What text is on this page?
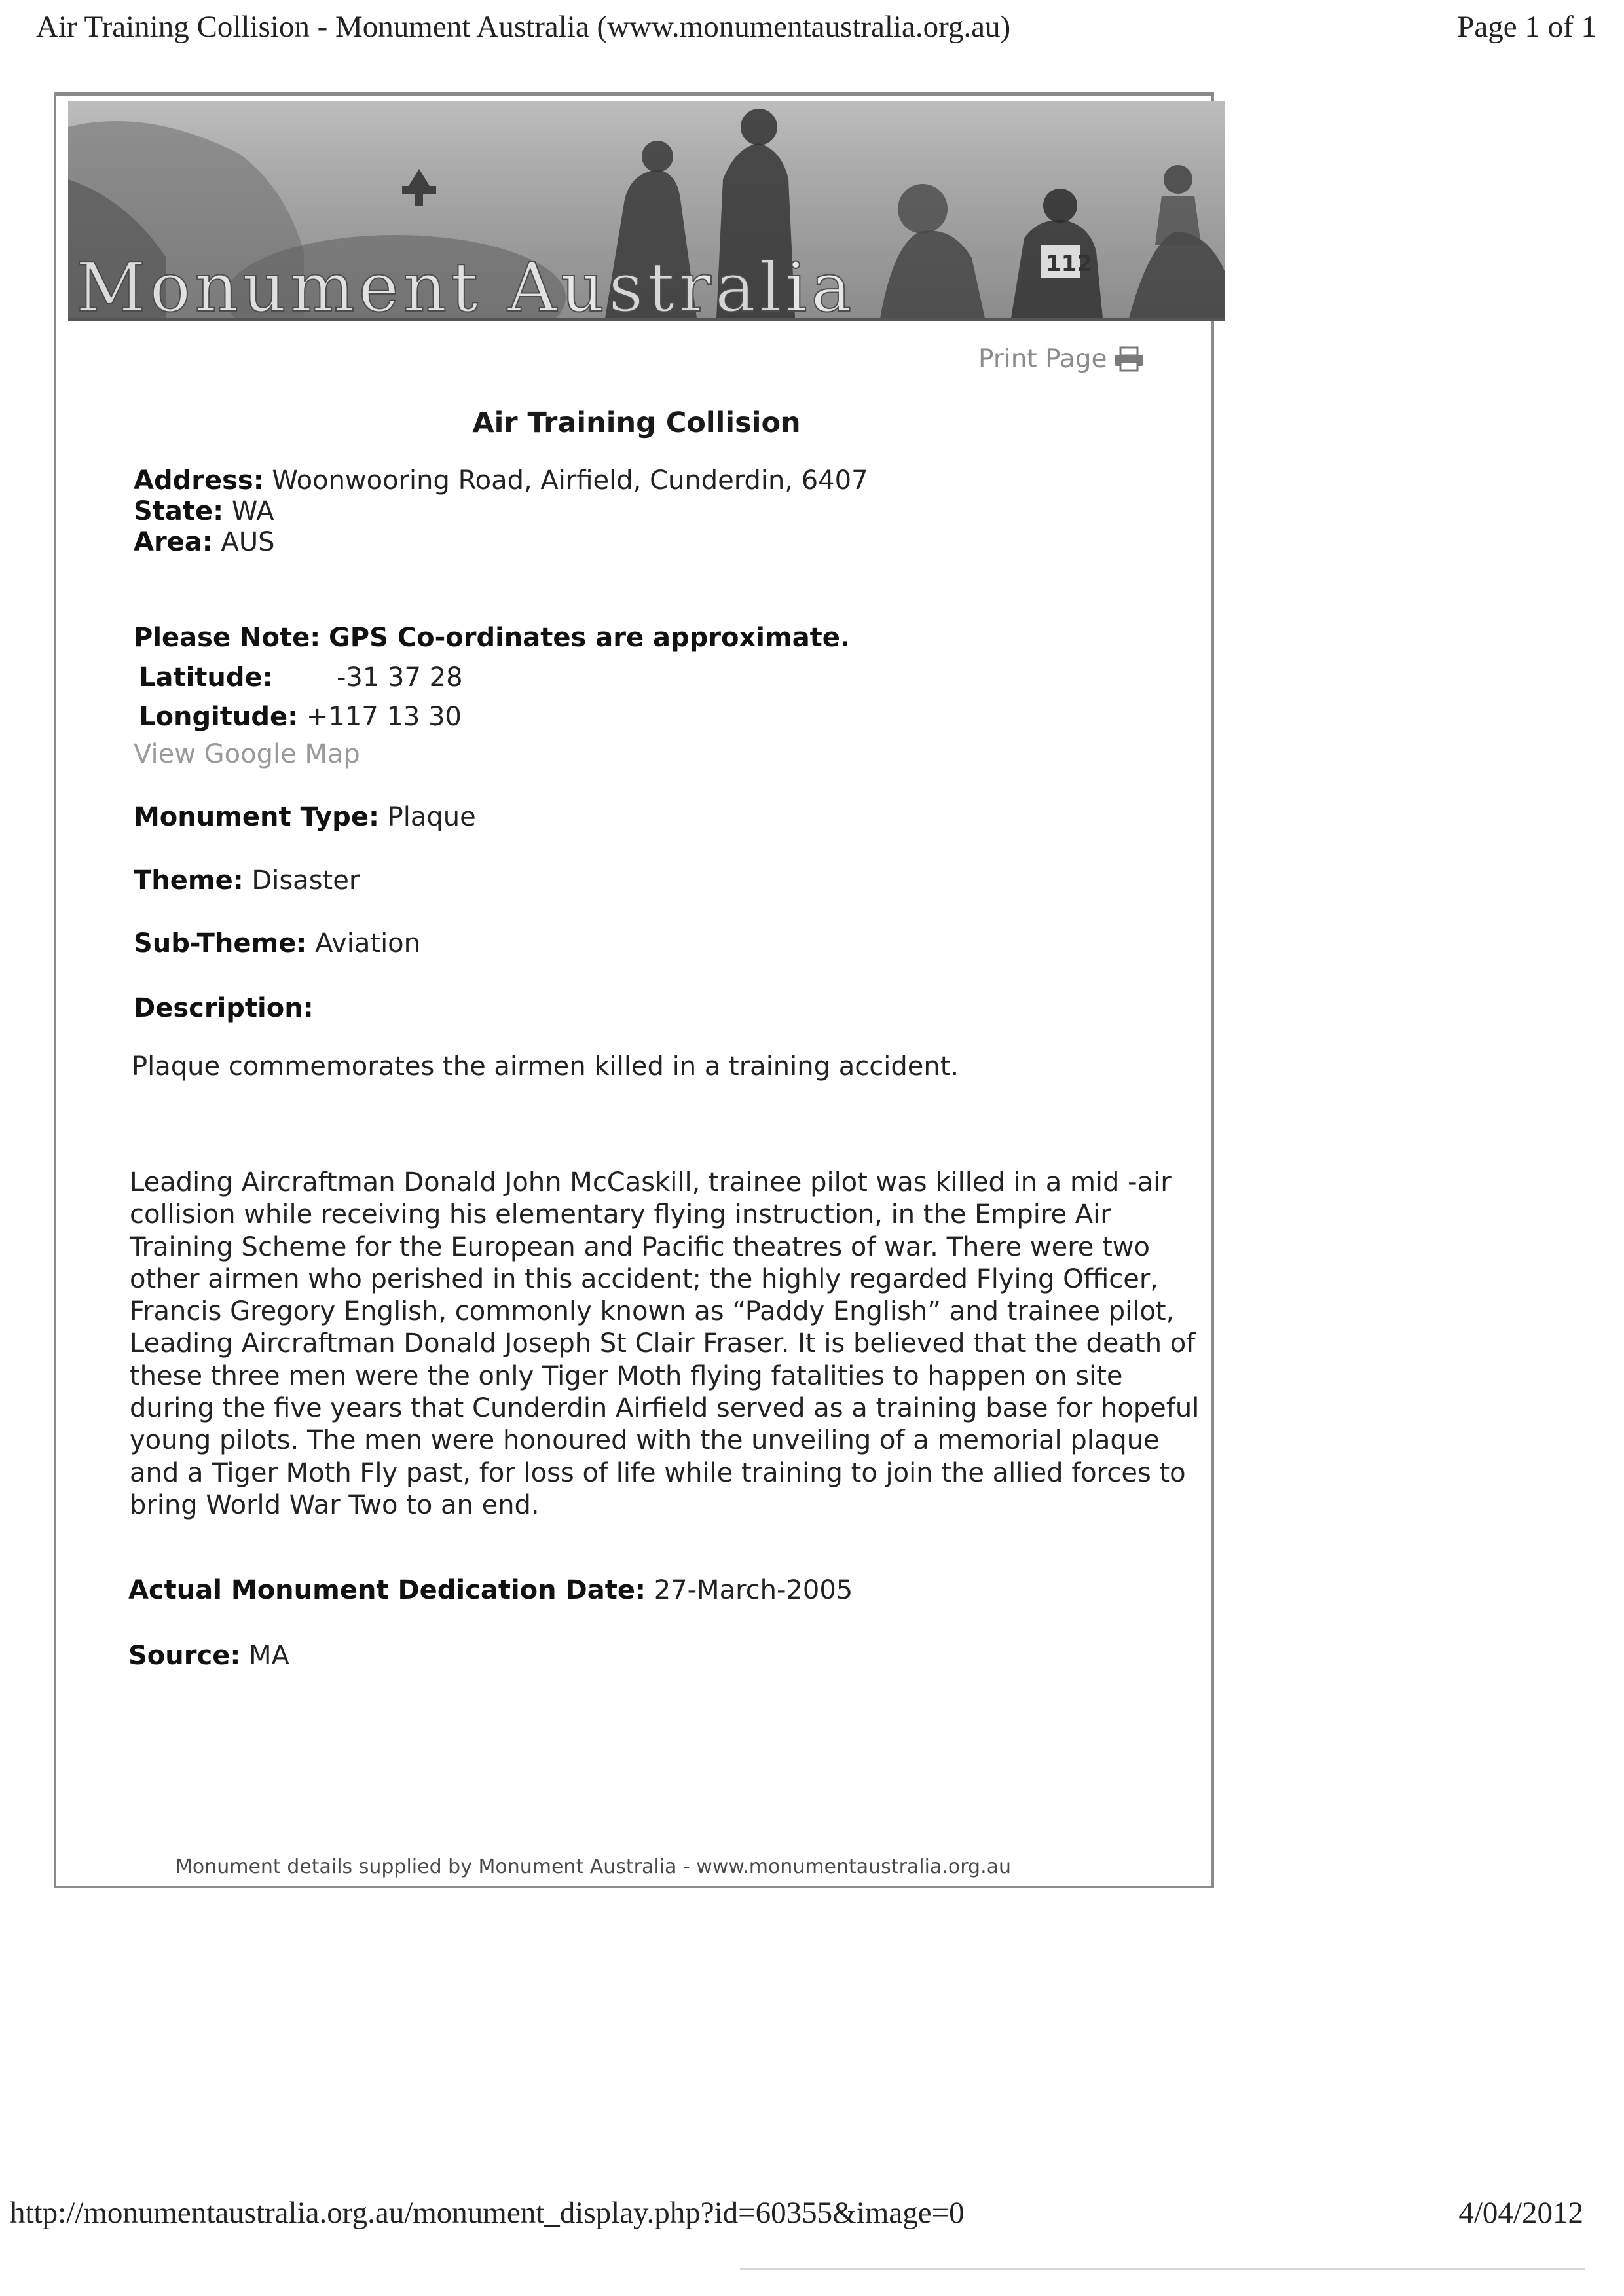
Air Training Collision - Monument Australia (www.monumentaustralia.org.au)	Page 1 of 1
112
Monument Australia
Print Page
Air Training Collision
Address: Woonwooring Road, Airfield, Cunderdin, 6407
State: WA
Area: AUS
Please Note: GPS Co-ordinates are approximate.
Latitude: -31 37 28
Longitude: +117 13 30
View Google Map
Monument Type: Plaque
Theme: Disaster
Sub-Theme: Aviation
Description:
Plaque commemorates the airmen killed in a training accident.
Leading Aircraftman Donald John McCaskill, trainee pilot was killed in a mid -air collision while receiving his elementary flying instruction, in the Empire Air Training Scheme for the European and Pacific theatres of war. There were two other airmen who perished in this accident; the highly regarded Flying Officer, Francis Gregory English, commonly known as “Paddy English” and trainee pilot, Leading Aircraftman Donald Joseph St Clair Fraser. It is believed that the death of these three men were the only Tiger Moth flying fatalities to happen on site during the five years that Cunderdin Airfield served as a training base for hopeful young pilots. The men were honoured with the unveiling of a memorial plaque and a Tiger Moth Fly past, for loss of life while training to join the allied forces to bring World War Two to an end.
Actual Monument Dedication Date: 27-March-2005
Source: MA
Monument details supplied by Monument Australia - www.monumentaustralia.org.au
http://monumentaustralia.org.au/monument_display.php?id=60355&image=0	4/04/2012
